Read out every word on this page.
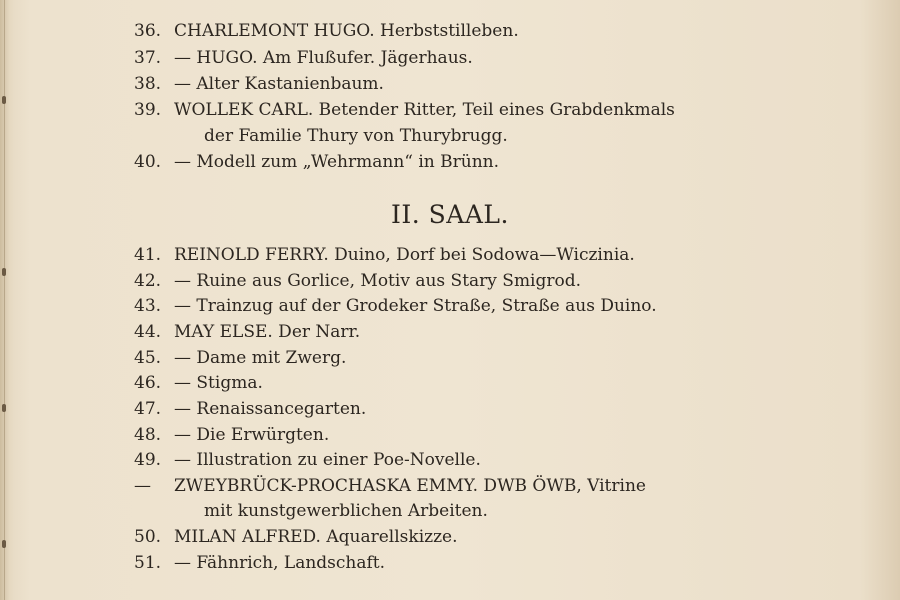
36. CHARLEMONT HUGO. Herbststilleben.
37. — HUGO. Am Flußufer. Jägerhaus.
38. — Alter Kastanienbaum.
39. WOLLEK CARL. Betender Ritter, Teil eines Grabdenkmals
der Familie Thury von Thurybrugg.
40. — Modell zum „Wehrmann“ in Brünn.
II. SAAL.
41. REINOLD FERRY. Duino, Dorf bei Sodowa—Wiczinia.
42. — Ruine aus Gorlice, Motiv aus Stary Smigrod.
43. — Trainzug auf der Grodeker Straße, Straße aus Duino.
44. MAY ELSE. Der Narr.
45. — Dame mit Zwerg.
46. — Stigma.
47. — Renaissancegarten.
48. — Die Erwürgten.
49. — Illustration zu einer Poe-Novelle.
—	ZWEYBRÜCK-PROCHASKA EMMY. DWB ÖWB, Vitrine
mit kunstgewerblichen Arbeiten.
50. MILAN ALFRED. Aquarellskizze.
51. — Fähnrich, Landschaft.
